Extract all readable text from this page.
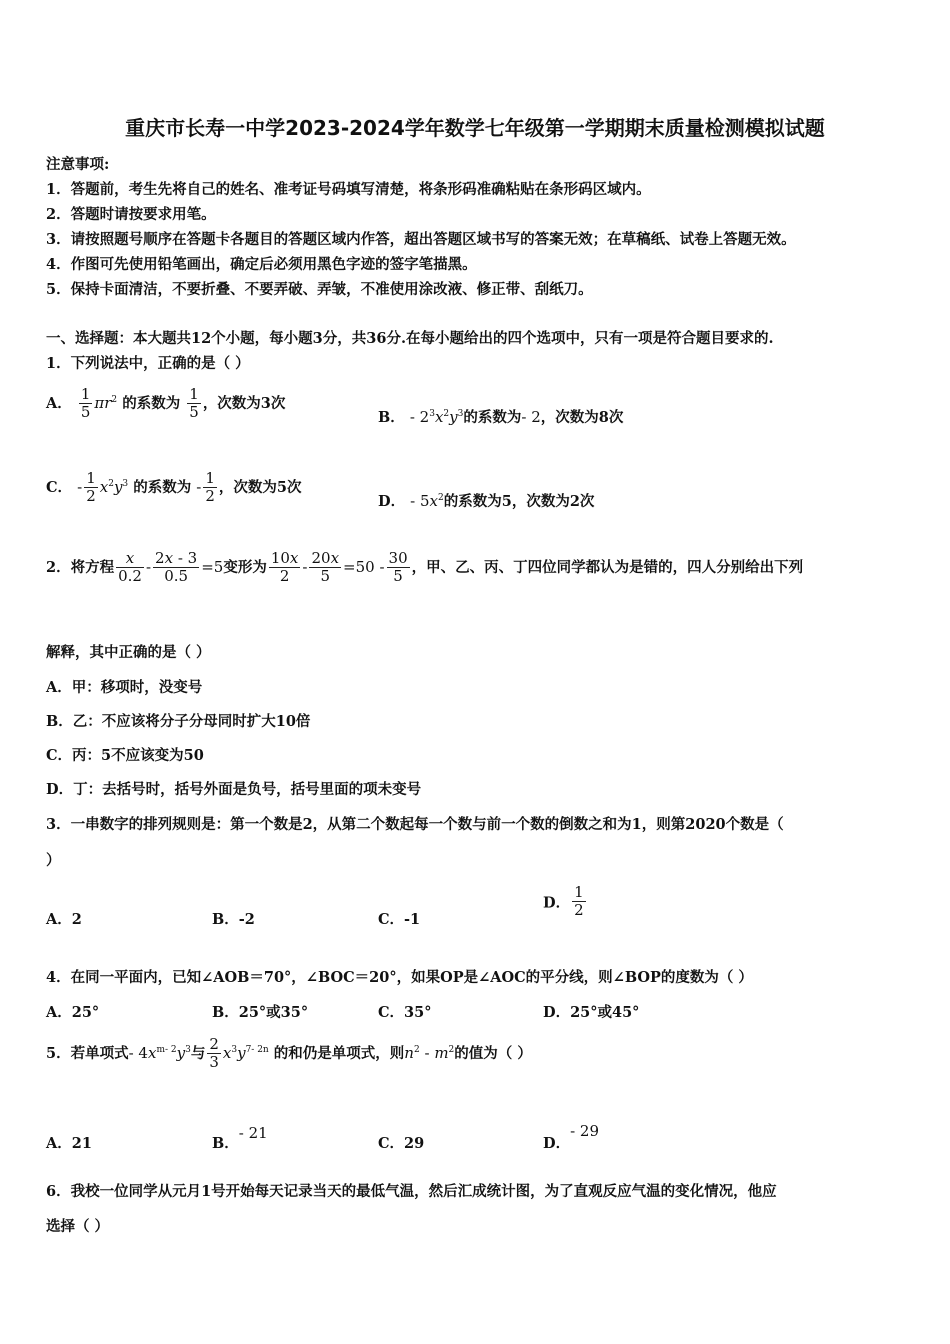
重庆市长寿一中学2023-2024学年数学七年级第一学期期末质量检测模拟试题
注意事项:
1．答题前，考生先将自己的姓名、准考证号码填写清楚，将条形码准确粘贴在条形码区域内。
2．答题时请按要求用笔。
3．请按照题号顺序在答题卡各题目的答题区域内作答，超出答题区域书写的答案无效；在草稿纸、试卷上答题无效。
4．作图可先使用铅笔画出，确定后必须用黑色字迹的签字笔描黑。
5．保持卡面清洁，不要折叠、不要弄破、弄皱，不准使用涂改液、修正带、刮纸刀。
一、选择题：本大题共12个小题，每小题3分，共36分.在每小题给出的四个选项中，只有一项是符合题目要求的.
1．下列说法中，正确的是（ ）
A． $\frac{1}{5} \pi r^2$ 的系数为 $\frac{1}{5}$ ，次数为3次
B． - $2^3x^2y^3$的系数为- 2，次数为8次
C． - $\frac{1}{2} x^2y^3$ 的系数为 - $\frac{1}{2}$ ，次数为5次
D． - $5x^2$的系数为5，次数为2次
2．将方程 $\frac{x}{0.2} - \frac{2x - 3}{0.5} =5$变形为 $\frac{10x}{2} - \frac{20x}{5} =50 - \frac{30}{5}$ ，甲、乙、丙、丁四位同学都认为是错的，四人分别给出下列
解释，其中正确的是（ ）
A．甲：移项时，没变号
B．乙：不应该将分子分母同时扩大10倍
C．丙：5不应该变为50
D．丁：去括号时，括号外面是负号，括号里面的项未变号
3．一串数字的排列规则是：第一个数是2，从第二个数起每一个数与前一个数的倒数之和为1，则第2020个数是（
）
A．2	B．-2	C．-1
D． $\frac{1}{2}$
4．在同一平面内，已知∠AOB＝70°，∠BOC＝20°，如果OP是∠AOC的平分线，则∠BOP的度数为（ ）
A．25°	B．25°或35°	C．35°	D．25°或45°
5．若单项式- $4x^{m- 2}y^3$与 $\frac{2}{3} x^3y^{7- 2n}$ 的和仍是单项式，则$n^2 - m^2$的值为（ ）
A．21	B．- 21
C．29	D．- 29
6．我校一位同学从元月1号开始每天记录当天的最低气温，然后汇成统计图，为了直观反应气温的变化情况，他应
选择（ ）
